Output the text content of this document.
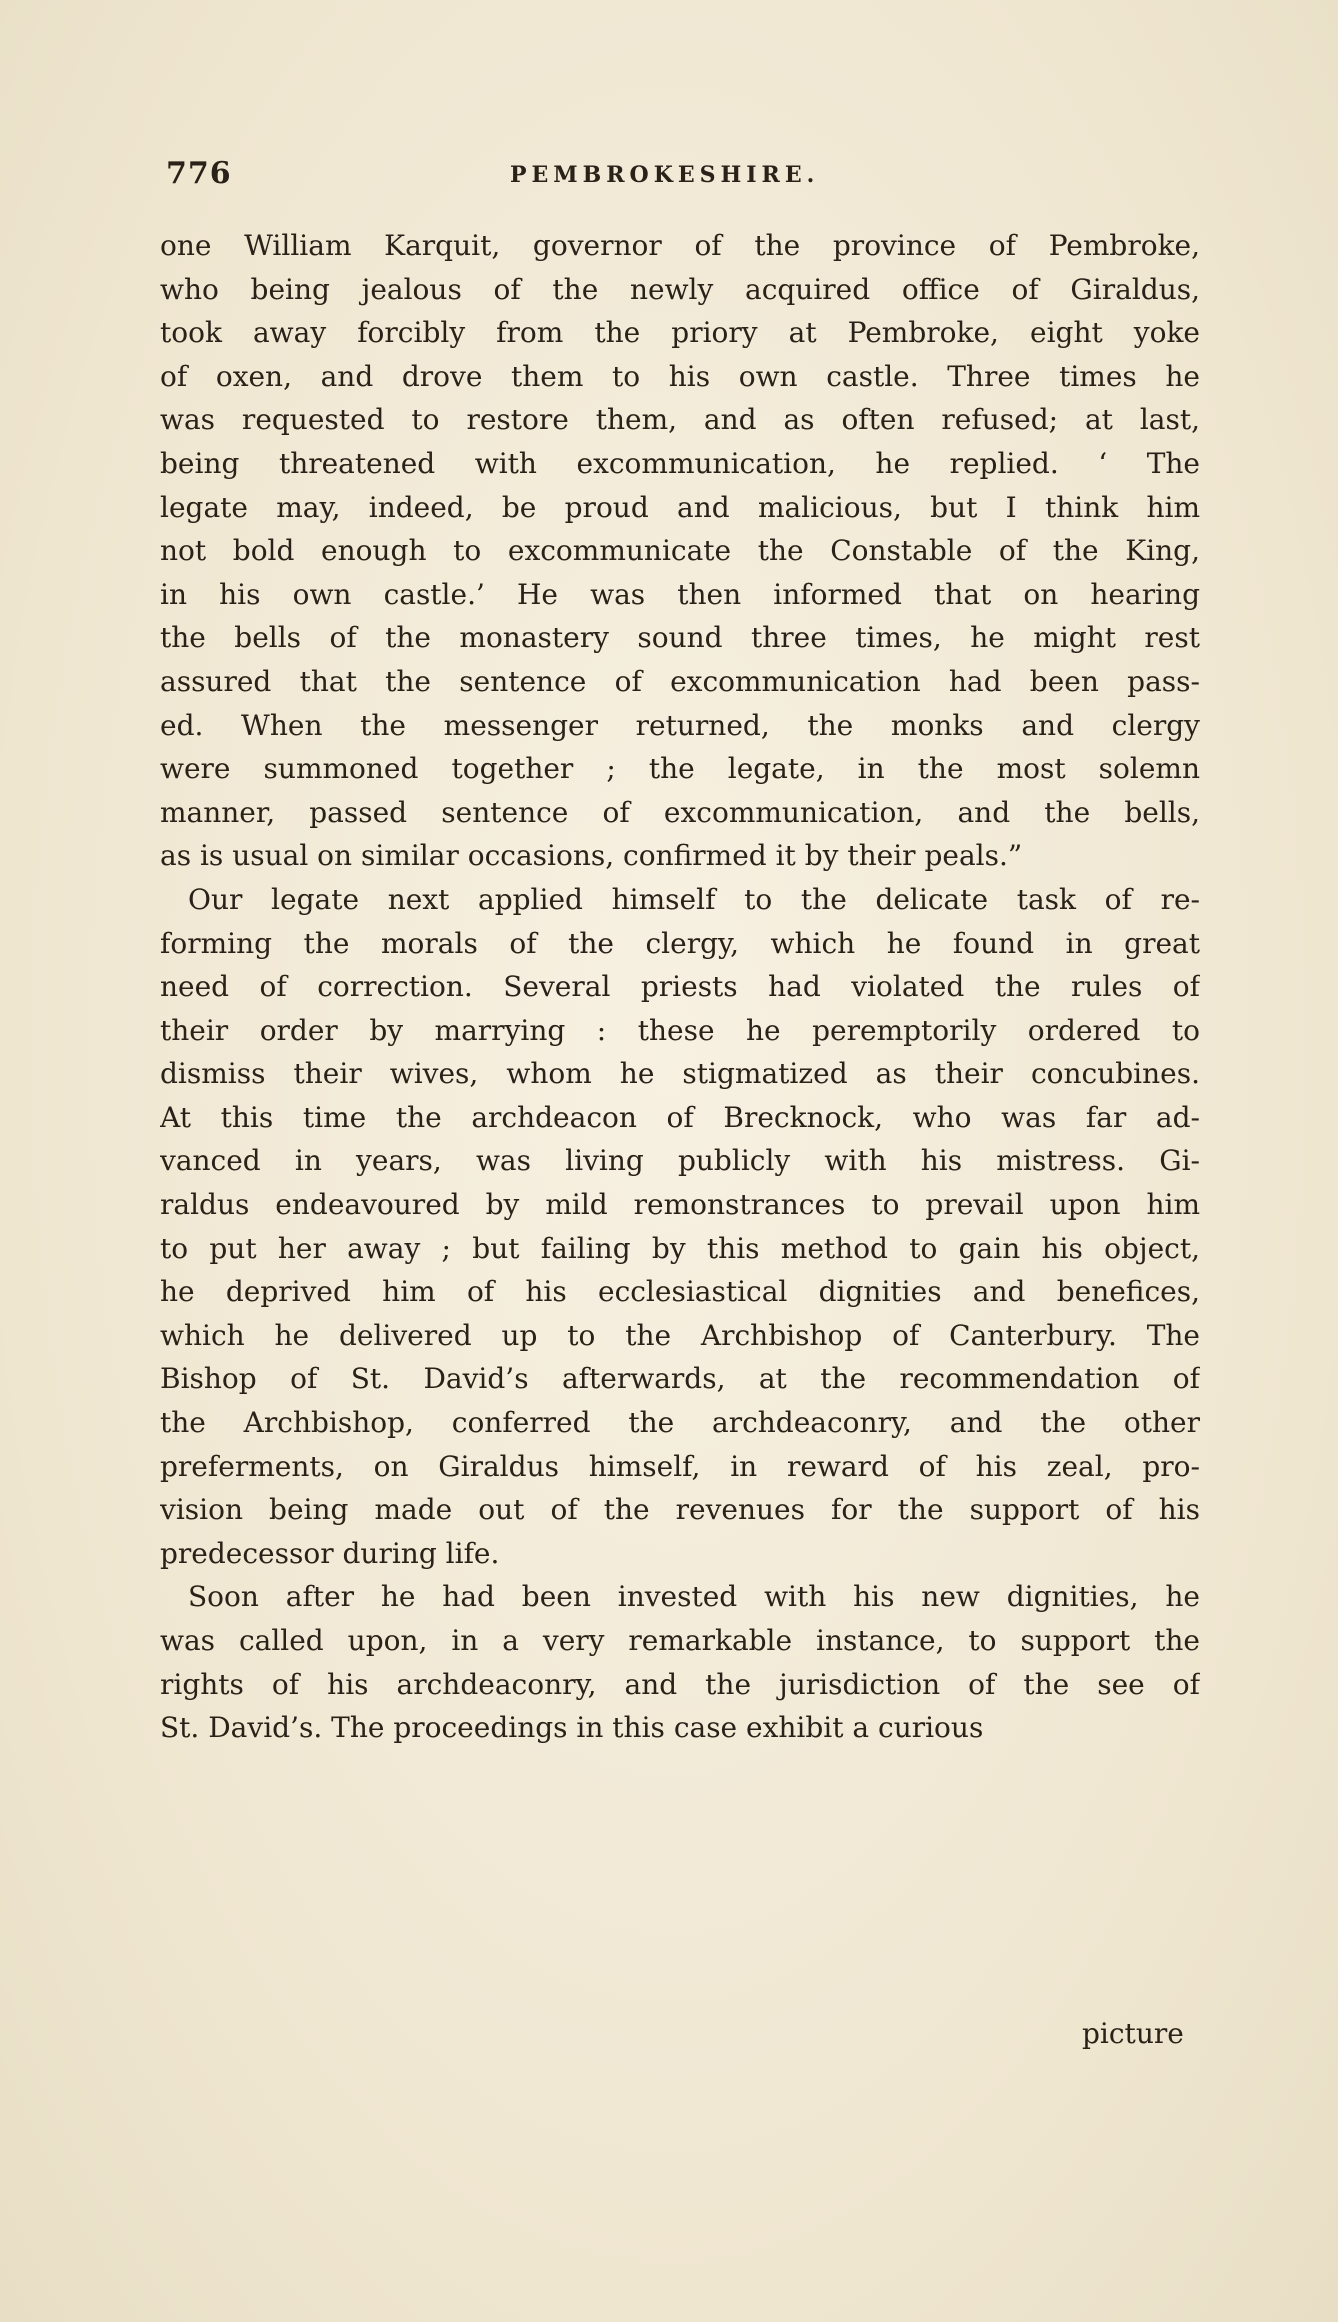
776	PEMBROKESHIRE.
one William Karquit, governor of the province of Pembroke,
who being jealous of the newly acquired office of Giraldus,
took away forcibly from the priory at Pembroke, eight yoke
of oxen, and drove them to his own castle. Three times he
was requested to restore them, and as often refused; at last,
being threatened with excommunication, he replied. ‘ The
legate may, indeed, be proud and malicious, but I think him
not bold enough to excommunicate the Constable of the King,
in his own castle.’ He was then informed that on hearing
the bells of the monastery sound three times, he might rest
assured that the sentence of excommunication had been pass-
ed. When the messenger returned, the monks and clergy
were summoned together ; the legate, in the most solemn
manner, passed sentence of excommunication, and the bells,
as is usual on similar occasions, confirmed it by their peals.”
Our legate next applied himself to the delicate task of re-
forming the morals of the clergy, which he found in great
need of correction. Several priests had violated the rules of
their order by marrying : these he peremptorily ordered to
dismiss their wives, whom he stigmatized as their concubines.
At this time the archdeacon of Brecknock, who was far ad-
vanced in years, was living publicly with his mistress. Gi-
raldus endeavoured by mild remonstrances to prevail upon him
to put her away ; but failing by this method to gain his object,
he deprived him of his ecclesiastical dignities and benefices,
which he delivered up to the Archbishop of Canterbury. The
Bishop of St. David’s afterwards, at the recommendation of
the Archbishop, conferred the archdeaconry, and the other
preferments, on Giraldus himself, in reward of his zeal, pro-
vision being made out of the revenues for the support of his
predecessor during life.
Soon after he had been invested with his new dignities, he
was called upon, in a very remarkable instance, to support the
rights of his archdeaconry, and the jurisdiction of the see of
St. David’s. The proceedings in this case exhibit a curious
picture
